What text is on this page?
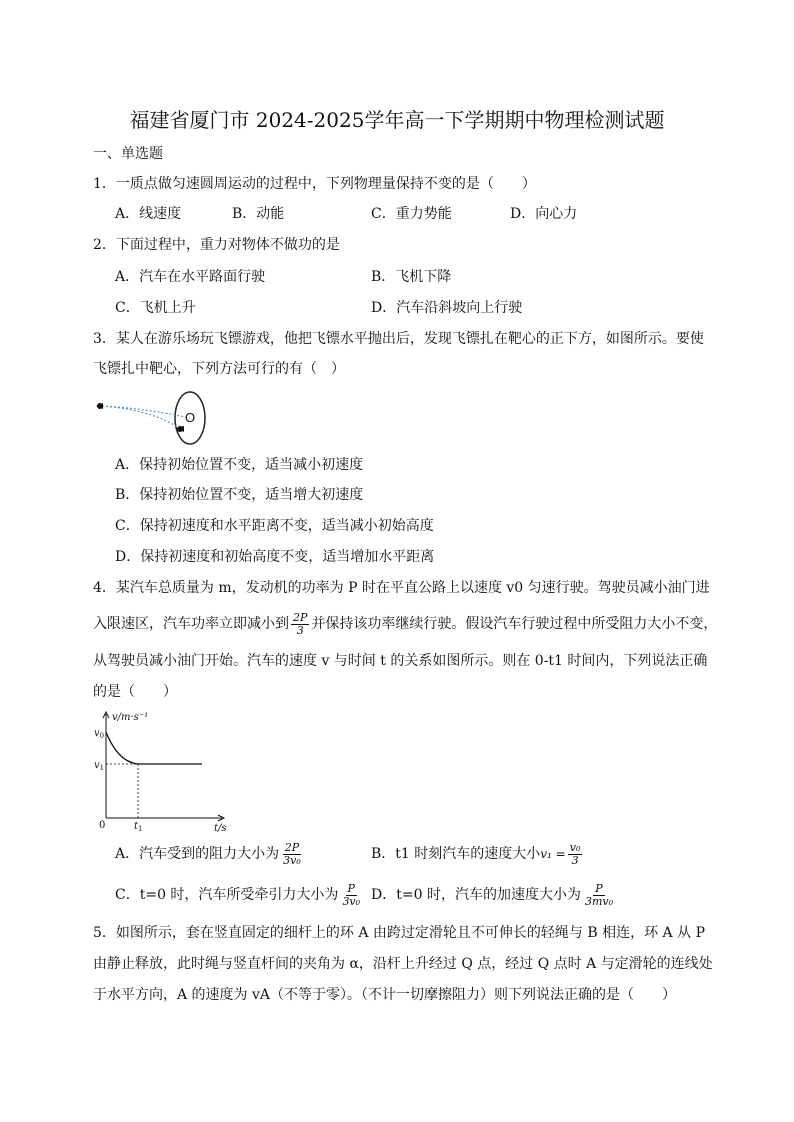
福建省厦门市 2024-2025学年高一下学期期中物理检测试题
一、单选题
1．一质点做匀速圆周运动的过程中，下列物理量保持不变的是（　　）
A．线速度	B．动能	C．重力势能	D．向心力
2．下面过程中，重力对物体不做功的是
A．汽车在水平路面行驶	B．飞机下降
C．飞机上升	D．汽车沿斜坡向上行驶
3．某人在游乐场玩飞镖游戏，他把飞镖水平抛出后，发现飞镖扎在靶心的正下方，如图所示。要使
飞镖扎中靶心，下列方法可行的有（　）
O
A．保持初始位置不变，适当减小初速度
B．保持初始位置不变，适当增大初速度
C．保持初速度和水平距离不变，适当减小初始高度
D．保持初速度和初始高度不变，适当增加水平距离
4．某汽车总质量为 m，发动机的功率为 P 时在平直公路上以速度 v0 匀速行驶。驾驶员减小油门进
入限速区，汽车功率立即减小到 $\frac{2P}{3}$ 并保持该功率继续行驶。假设汽车行驶过程中所受阻力大小不变，
从驾驶员减小油门开始。汽车的速度 v 与时间 t 的关系如图所示。则在 0-t1 时间内，下列说法正确
的是（　　）
v/m·s⁻¹
t/s
0
$v_0$
$v_1$
$t_1$
A．汽车受到的阻力大小为 $\frac{2P}{\text{3v₀}}$	B．t1 时刻汽车的速度大小$v_1 = \frac{\text{v₀}}{3}$
C．t=0 时，汽车所受牵引力大小为 $\frac{P}{\text{3v₀}}$ D．t=0 时，汽车的加速度大小为 $\frac{P}{\text{3mv₀}}$
5．如图所示，套在竖直固定的细杆上的环 A 由跨过定滑轮且不可伸长的轻绳与 B 相连，环 A 从 P
由静止释放，此时绳与竖直杆间的夹角为 α，沿杆上升经过 Q 点，经过 Q 点时 A 与定滑轮的连线处
于水平方向，A 的速度为 vA（不等于零）。（不计一切摩擦阻力）则下列说法正确的是（　　）
